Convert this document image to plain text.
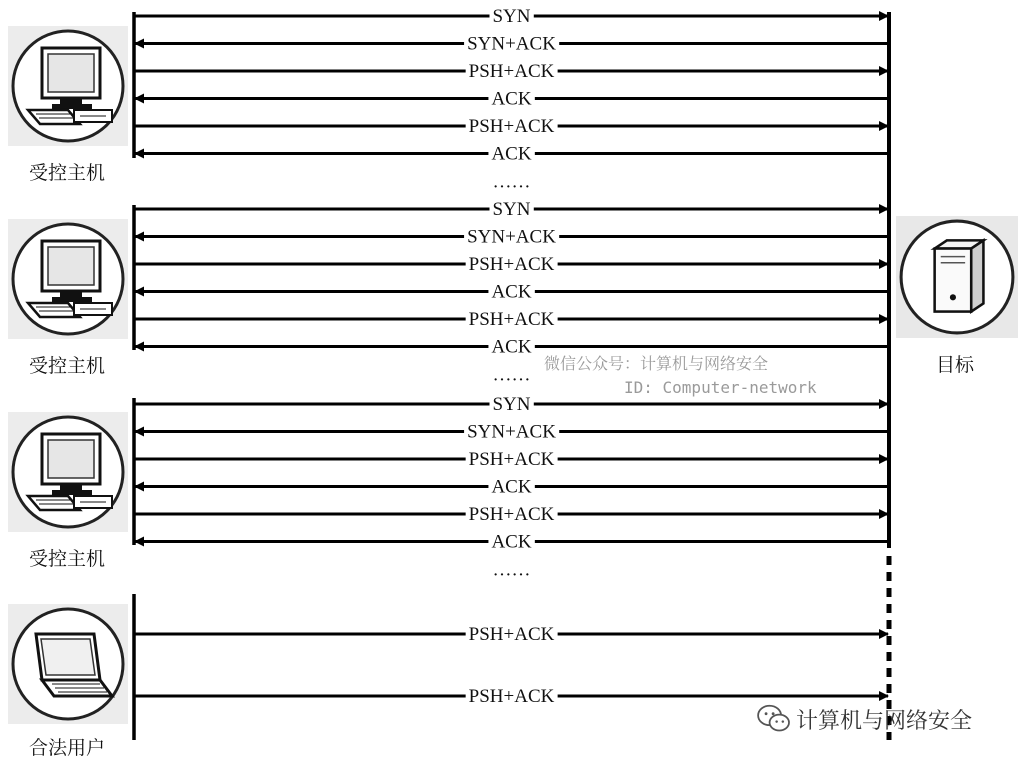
SYN
SYN+ACK
PSH+ACK
ACK
PSH+ACK
ACK
……
SYN
SYN+ACK
PSH+ACK
ACK
PSH+ACK
ACK
……
SYN
SYN+ACK
PSH+ACK
ACK
PSH+ACK
ACK
……
PSH+ACK
PSH+ACK
受控主机
受控主机
受控主机
合法用户
目标
微信公众号：计算机与网络安全
ID: Computer-network
计算机与网络安全
